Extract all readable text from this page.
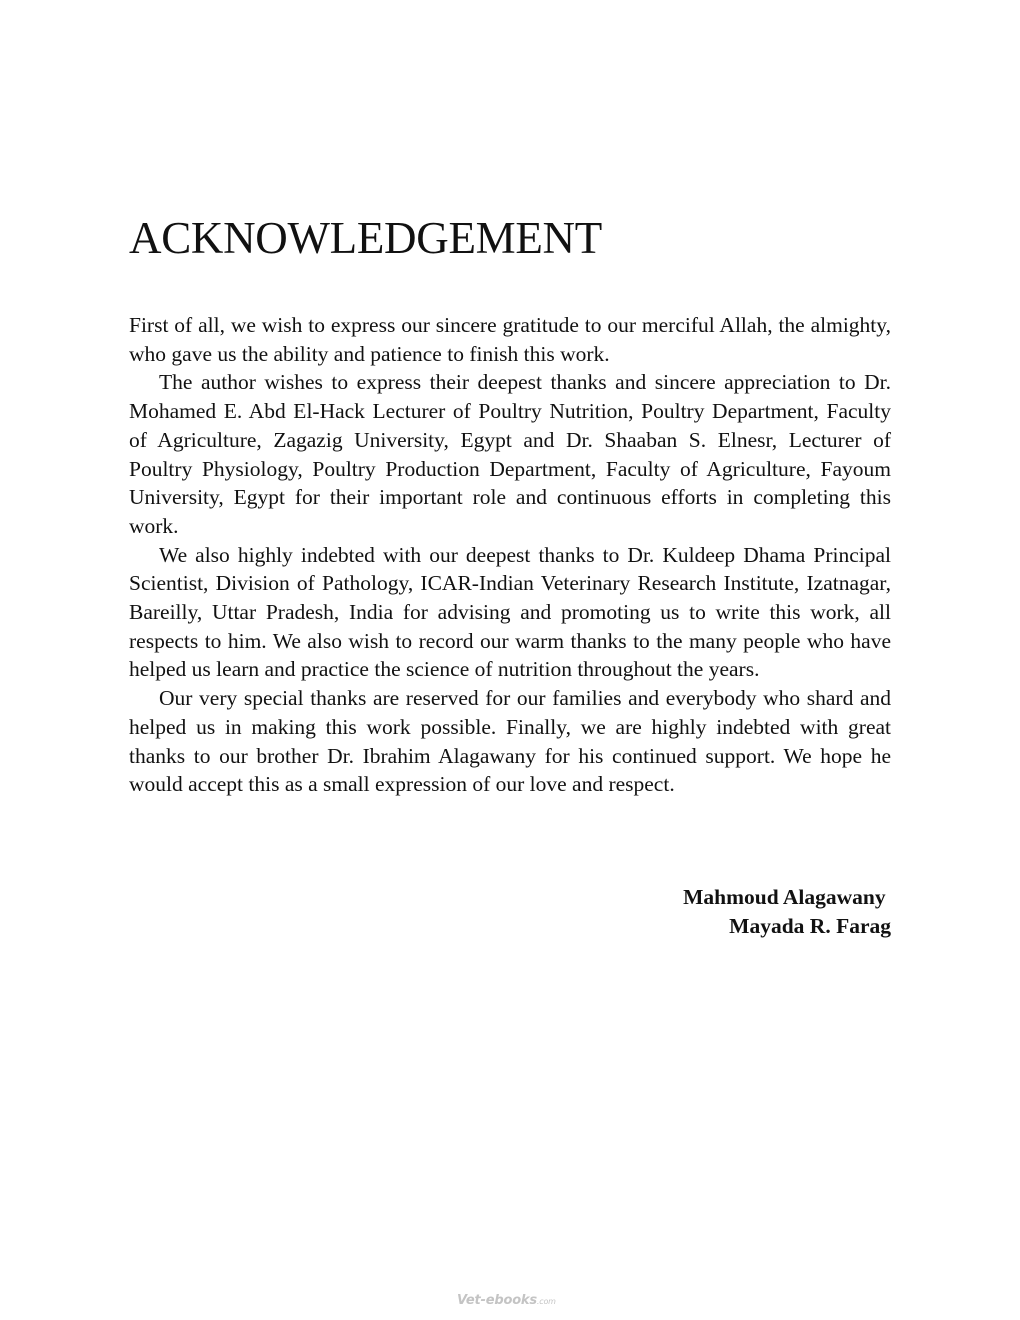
ACKNOWLEDGEMENT

First of all, we wish to express our sincere gratitude to our merciful Allah, the almighty, who gave us the ability and patience to finish this work.

The author wishes to express their deepest thanks and sincere appreciation to Dr. Mohamed E. Abd El-Hack Lecturer of Poultry Nutrition, Poultry Department, Faculty of Agriculture, Zagazig University, Egypt and Dr. Shaaban S. Elnesr, Lecturer of Poultry Physiology, Poultry Production Department, Faculty of Agriculture, Fayoum University, Egypt for their important role and continuous efforts in completing this work.

We also highly indebted with our deepest thanks to Dr. Kuldeep Dhama Principal Scientist, Division of Pathology, ICAR-Indian Veterinary Research Institute, Izatnagar, Bareilly, Uttar Pradesh, India for advising and promoting us to write this work, all respects to him. We also wish to record our warm thanks to the many people who have helped us learn and practice the science of nutrition throughout the years.

Our very special thanks are reserved for our families and everybody who shard and helped us in making this work possible. Finally, we are highly indebted with great thanks to our brother Dr. Ibrahim Alagawany for his continued support. We hope he would accept this as a small expression of our love and respect.

Mahmoud Alagawany
Mayada R. Farag
Vet-ebooks.com
